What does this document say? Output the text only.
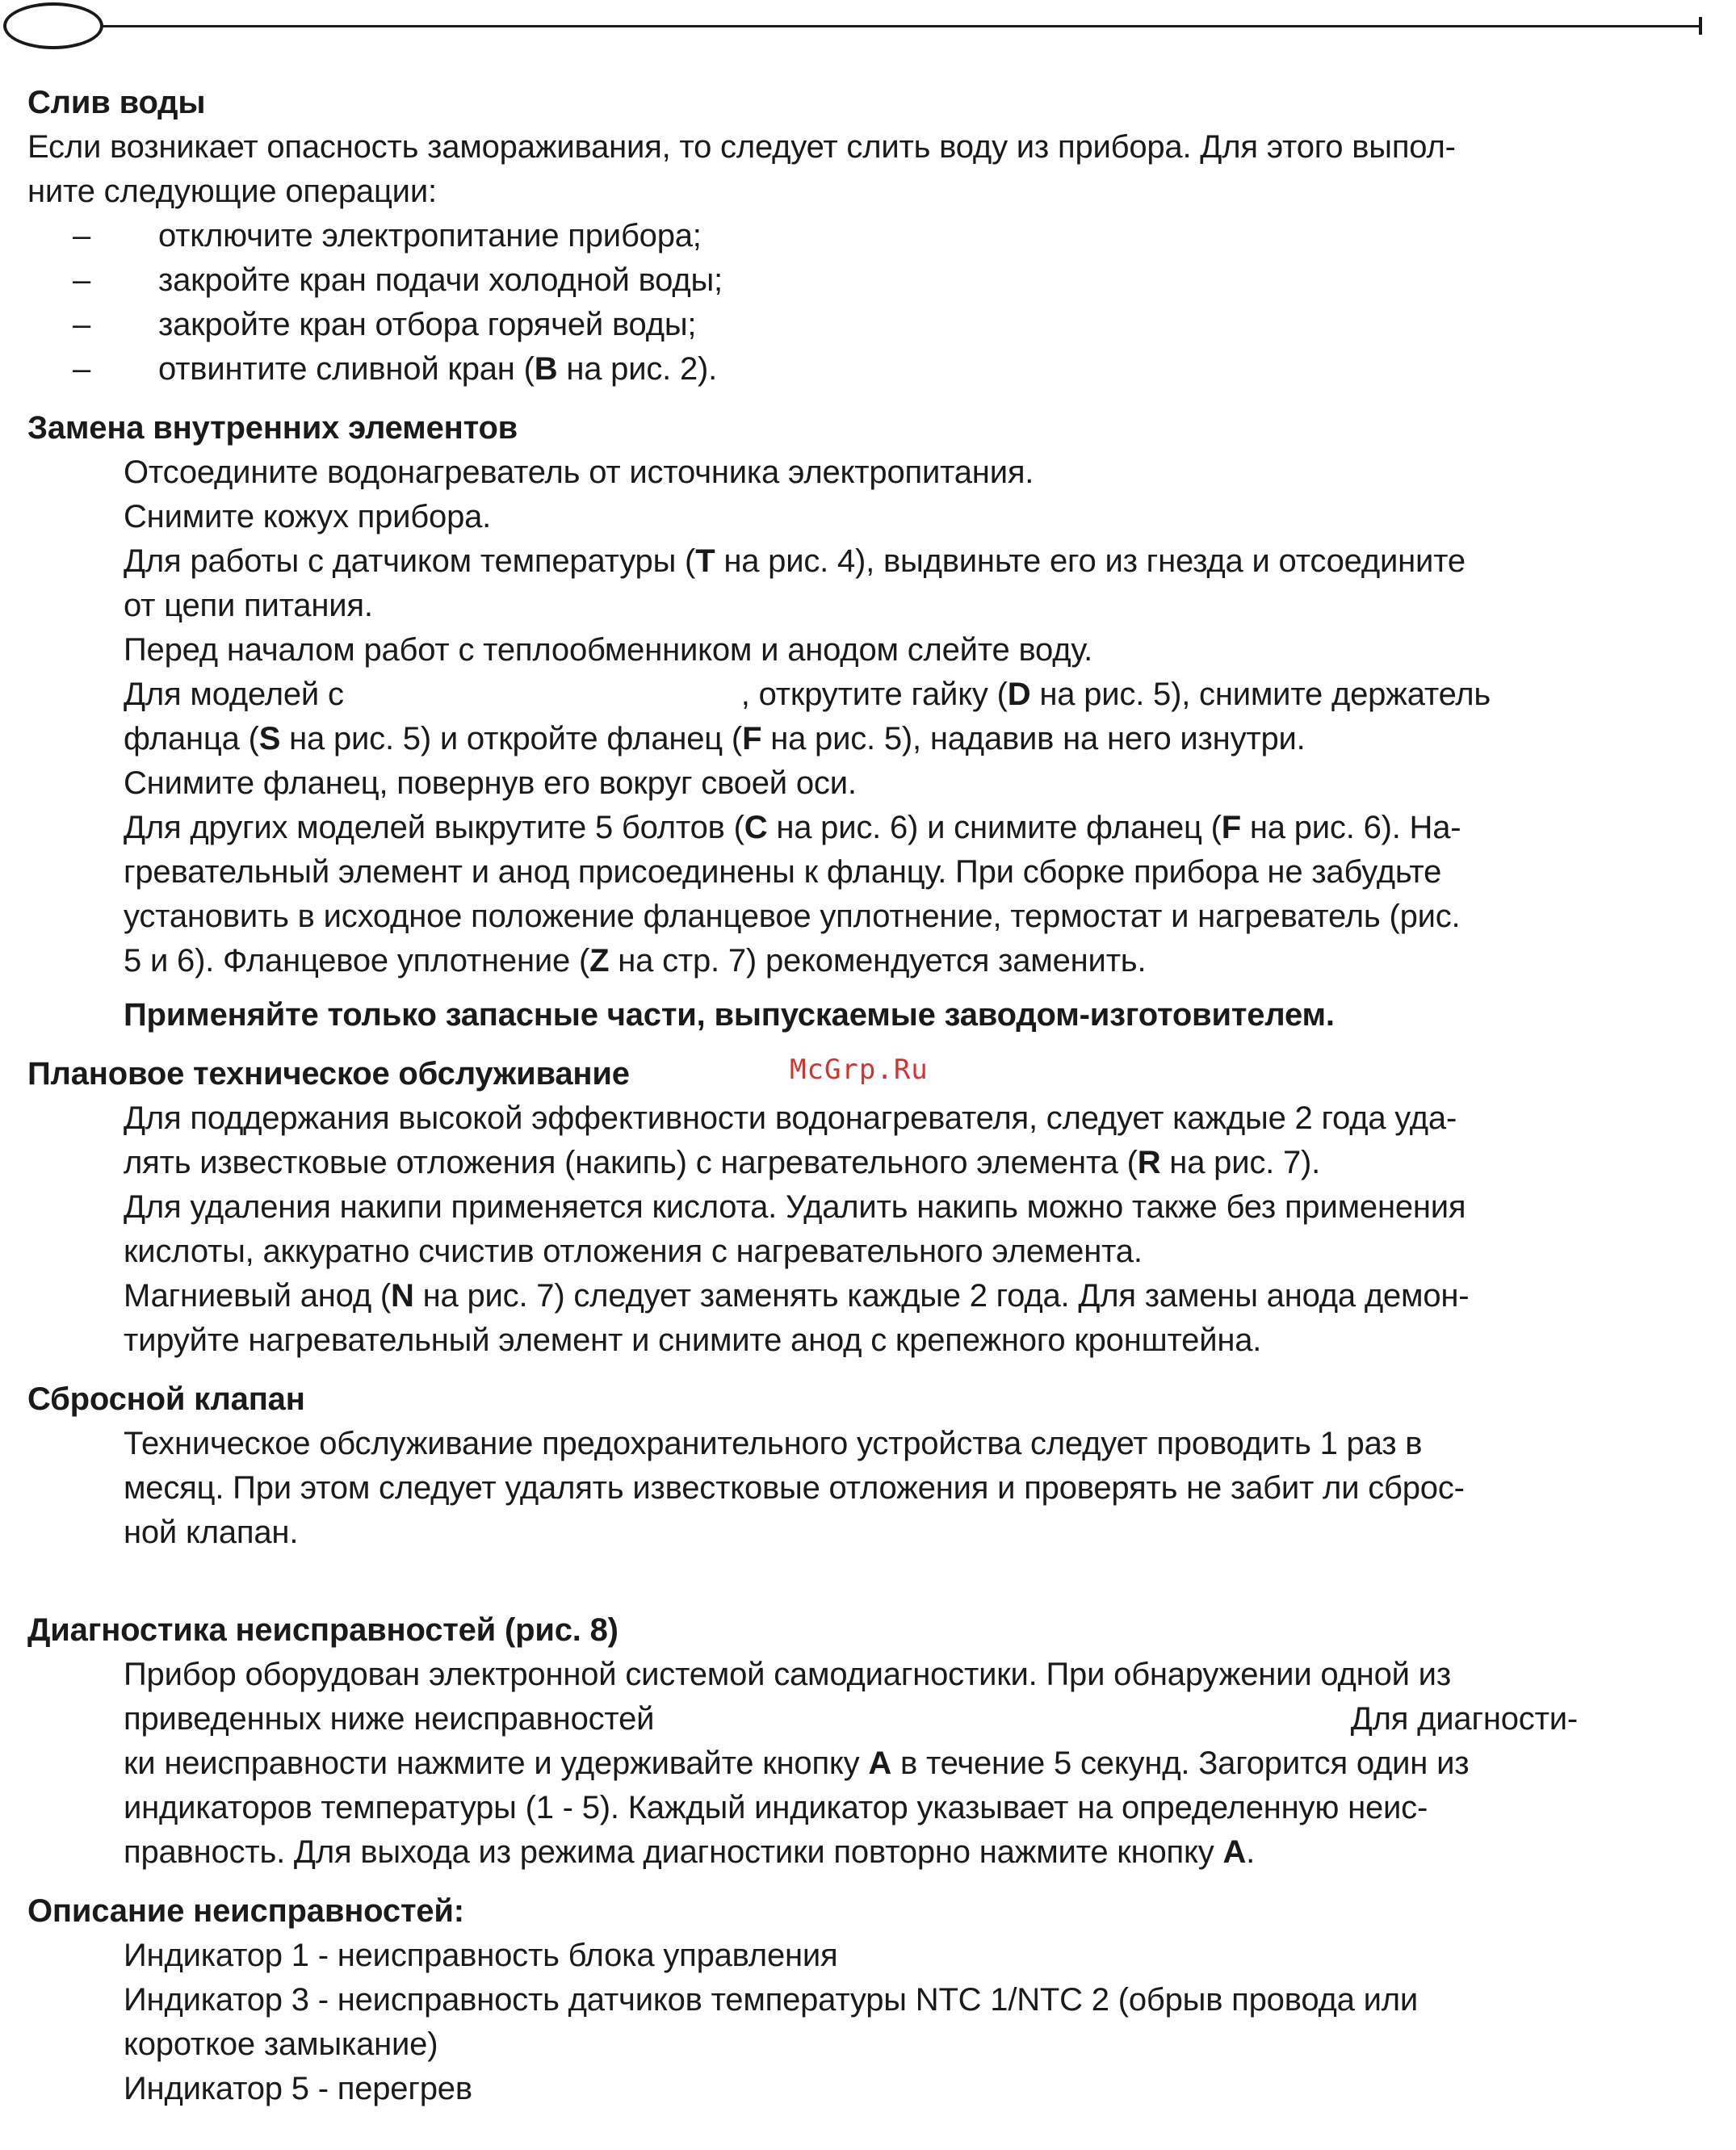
McGrp.Ru
Слив воды

Если возникает опасность замораживания, то следует слить воду из прибора. Для этого выпол-

ните следующие операции:

–	отключите электропитание прибора;
–	закройте кран подачи холодной воды;
–	закройте кран отбора горячей воды;
–	отвинтите сливной кран (B на рис. 2).
Замена внутренних элементов

Отсоедините водонагреватель от источника электропитания.

Снимите кожух прибора.

Для работы с датчиком температуры (T на рис. 4), выдвиньте его из гнезда и отсоедините

от цепи питания.

Перед началом работ с теплообменником и анодом слейте воду.

Для моделей с	, открутите гайку (D на рис. 5), снимите держатель

фланца (S на рис. 5) и откройте фланец (F на рис. 5), надавив на него изнутри.

Снимите фланец, повернув его вокруг своей оси.

Для других моделей выкрутите 5 болтов (C на рис. 6) и снимите фланец (F на рис. 6). На-

гревательный элемент и анод присоединены к фланцу. При сборке прибора не забудьте

установить в исходное положение фланцевое уплотнение, термостат и нагреватель (рис.

5 и 6). Фланцевое уплотнение (Z на стр. 7) рекомендуется заменить.

Применяйте только запасные части, выпускаемые заводом-изготовителем.

Плановое техническое обслуживание

Для поддержания высокой эффективности водонагревателя, следует каждые 2 года уда-

лять известковые отложения (накипь) с нагревательного элемента (R на рис. 7).

Для удаления накипи применяется кислота. Удалить накипь можно также без применения

кислоты, аккуратно счистив отложения с нагревательного элемента.

Магниевый анод (N на рис. 7) следует заменять каждые 2 года. Для замены анода демон-

тируйте нагревательный элемент и снимите анод с крепежного кронштейна.

Сбросной клапан

Техническое обслуживание предохранительного устройства следует проводить 1 раз в

месяц. При этом следует удалять известковые отложения и проверять не забит ли сброс-

ной клапан.

Диагностика неисправностей (рис. 8)

Прибор оборудован электронной системой самодиагностики. При обнаружении одной из

приведенных ниже неисправностей	Для диагности-

ки неисправности нажмите и удерживайте кнопку A в течение 5 секунд. Загорится один из

индикаторов температуры (1 - 5). Каждый индикатор указывает на определенную неис-

правность. Для выхода из режима диагностики повторно нажмите кнопку A.

Описание неисправностей:

Индикатор 1 - неисправность блока управления

Индикатор 3 - неисправность датчиков температуры NTC 1/NTC 2 (обрыв провода или

короткое замыкание)

Индикатор 5 - перегрев
